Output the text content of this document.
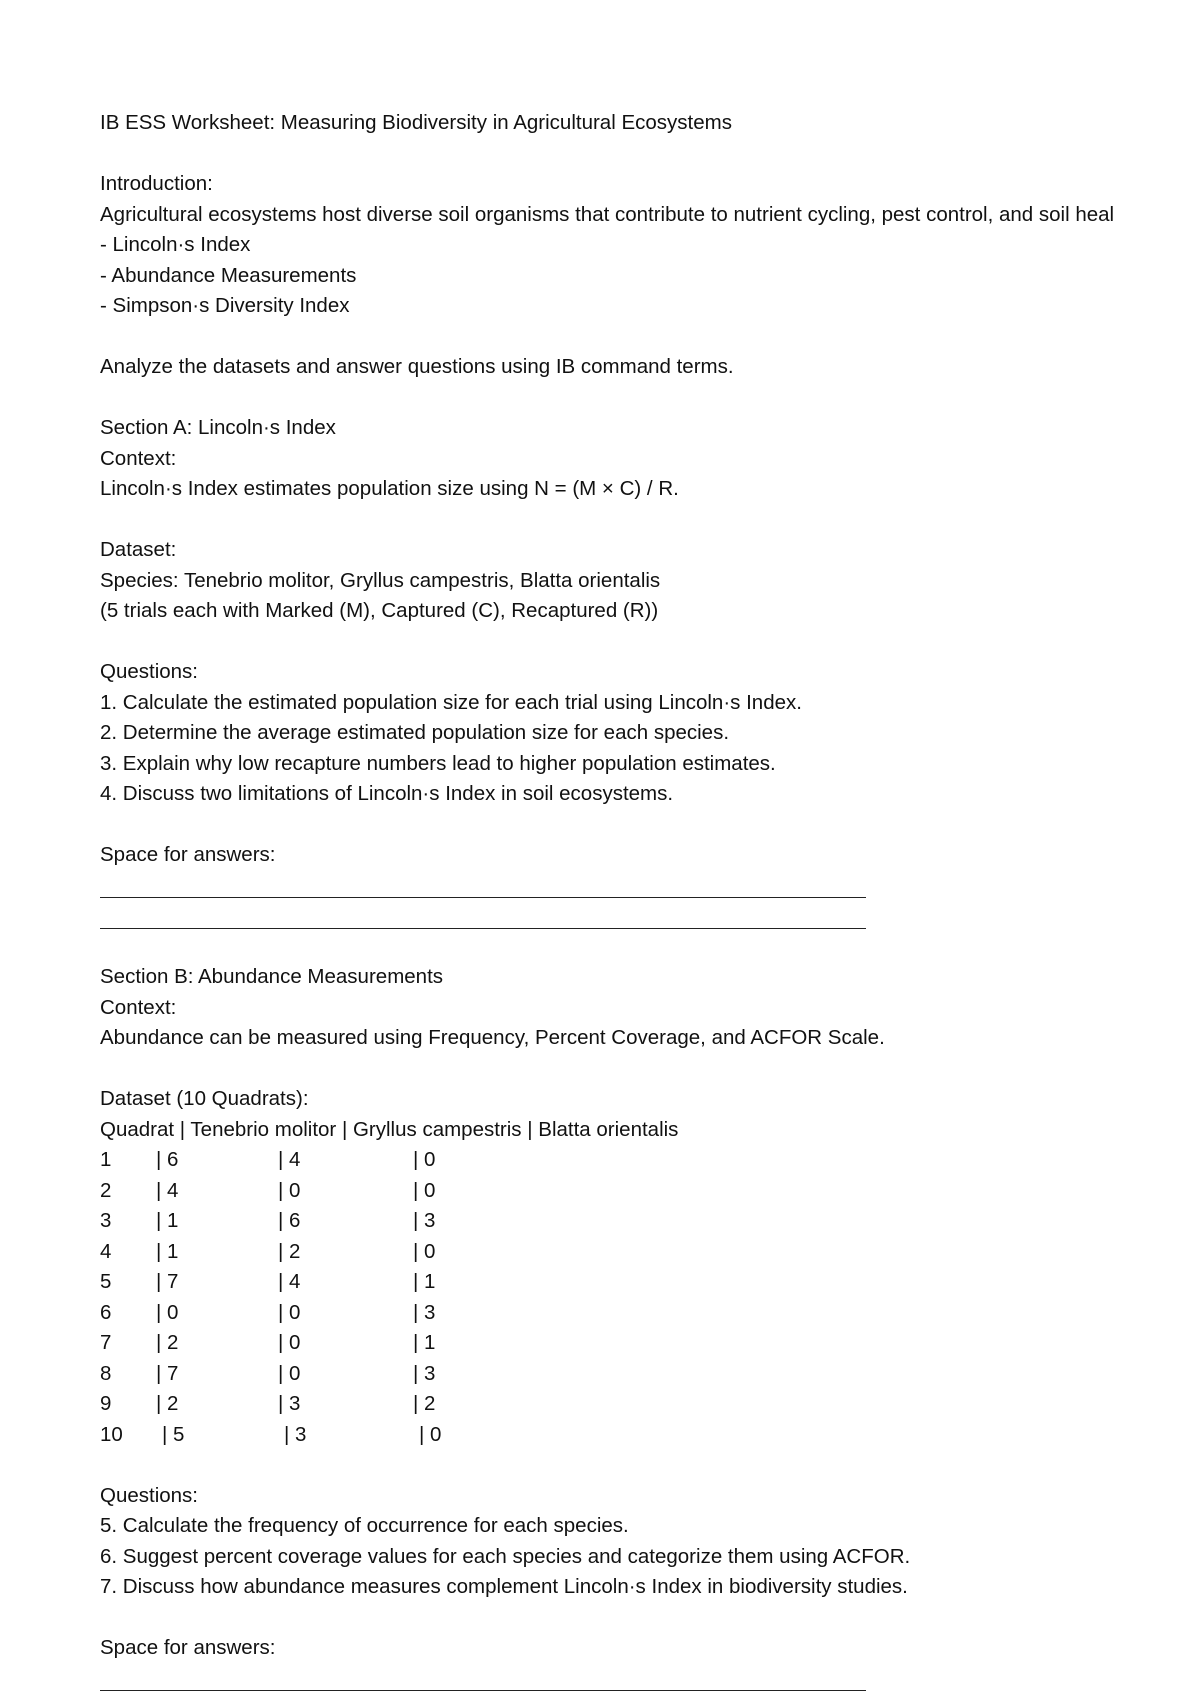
IB ESS Worksheet: Measuring Biodiversity in Agricultural Ecosystems
Introduction:
Agricultural ecosystems host diverse soil organisms that contribute to nutrient cycling, pest control, and soil heal
- Lincoln·s Index
- Abundance Measurements
- Simpson·s Diversity Index
Analyze the datasets and answer questions using IB command terms.
Section A: Lincoln·s Index
Context:
Lincoln·s Index estimates population size using N = (M × C) / R.
Dataset:
Species: Tenebrio molitor, Gryllus campestris, Blatta orientalis
(5 trials each with Marked (M), Captured (C), Recaptured (R))
Questions:
1. Calculate the estimated population size for each trial using Lincoln·s Index.
2. Determine the average estimated population size for each species.
3. Explain why low recapture numbers lead to higher population estimates.
4. Discuss two limitations of Lincoln·s Index in soil ecosystems.
Space for answers:
Section B: Abundance Measurements
Context:
Abundance can be measured using Frequency, Percent Coverage, and ACFOR Scale.
Dataset (10 Quadrats):
Quadrat | Tenebrio molitor | Gryllus campestris | Blatta orientalis
1	| 6	| 4	| 0
2	| 4	| 0	| 0
3	| 1	| 6	| 3
4	| 1	| 2	| 0
5	| 7	| 4	| 1
6	| 0	| 0	| 3
7	| 2	| 0	| 1
8	| 7	| 0	| 3
9	| 2	| 3	| 2
10	| 5	| 3	| 0
Questions:
5. Calculate the frequency of occurrence for each species.
6. Suggest percent coverage values for each species and categorize them using ACFOR.
7. Discuss how abundance measures complement Lincoln·s Index in biodiversity studies.
Space for answers:
